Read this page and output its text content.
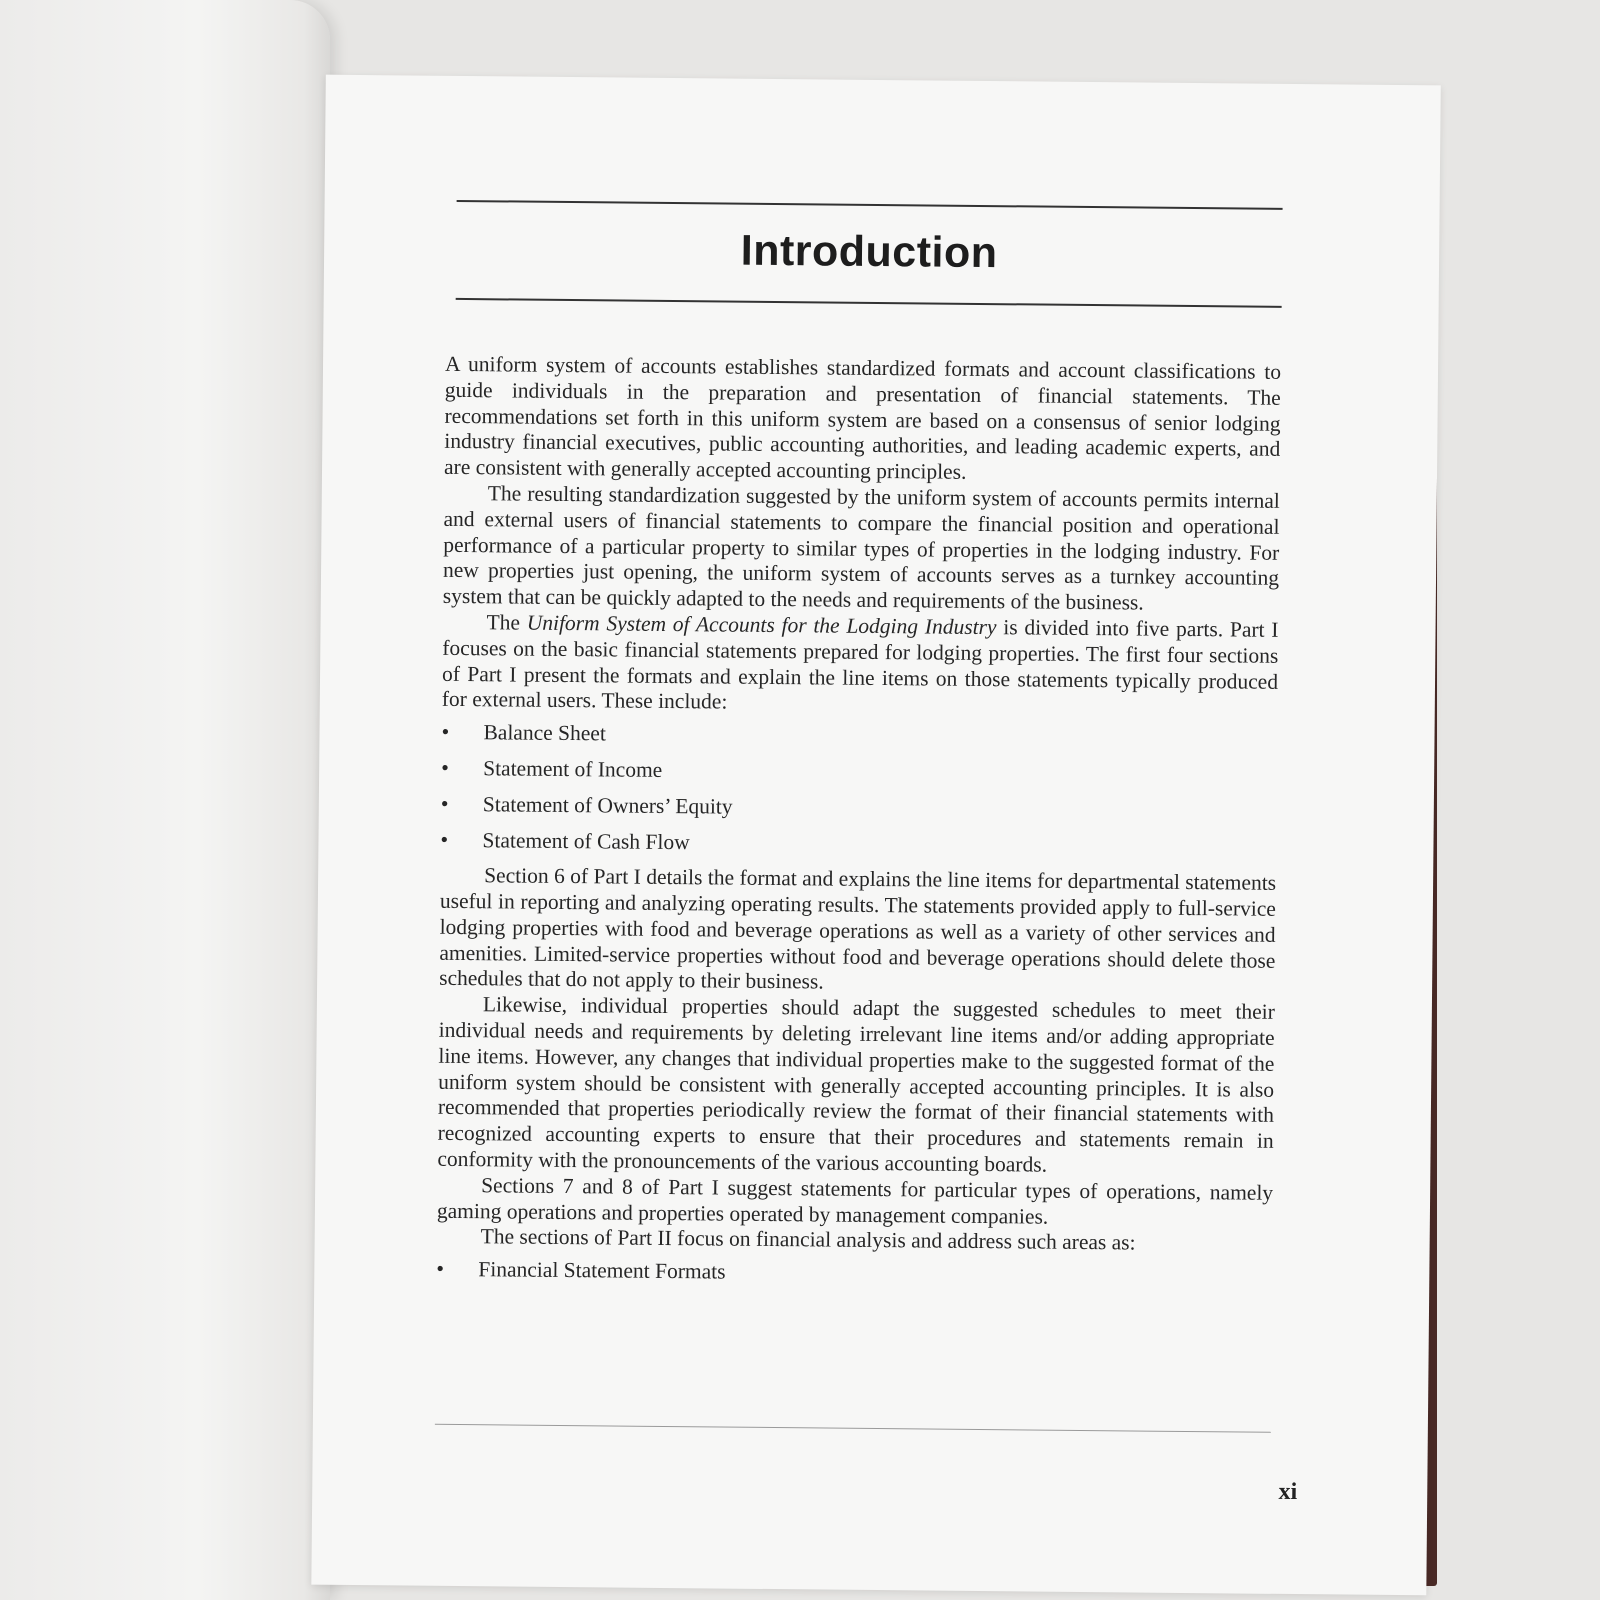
Introduction

A uniform system of accounts establishes standardized formats and account classifications to guide individuals in the preparation and presentation of financial statements. The recommendations set forth in this uniform system are based on a consensus of senior lodging industry financial executives, public accounting authorities, and leading academic experts, and are consistent with generally accepted accounting principles.

The resulting standardization suggested by the uniform system of accounts permits internal and external users of financial statements to compare the financial position and operational performance of a particular property to similar types of properties in the lodging industry. For new properties just opening, the uniform system of accounts serves as a turnkey accounting system that can be quickly adapted to the needs and requirements of the business.

The Uniform System of Accounts for the Lodging Industry is divided into five parts. Part I focuses on the basic financial statements prepared for lodging properties. The first four sections of Part I present the formats and explain the line items on those statements typically produced for external users. These include:

• Balance Sheet
• Statement of Income
• Statement of Owners’ Equity
• Statement of Cash Flow

Section 6 of Part I details the format and explains the line items for departmental statements useful in reporting and analyzing operating results. The statements provided apply to full-service lodging properties with food and beverage operations as well as a variety of other services and amenities. Limited-service properties without food and beverage operations should delete those schedules that do not apply to their business.

Likewise, individual properties should adapt the suggested schedules to meet their individual needs and requirements by deleting irrelevant line items and/or adding appropriate line items. However, any changes that individual properties make to the suggested format of the uniform system should be consistent with generally accepted accounting principles. It is also recommended that properties periodically review the format of their financial statements with recognized accounting experts to ensure that their procedures and statements remain in conformity with the pronouncements of the various accounting boards.

Sections 7 and 8 of Part I suggest statements for particular types of operations, namely gaming operations and properties operated by management companies.

The sections of Part II focus on financial analysis and address such areas as:

• Financial Statement Formats
xi
